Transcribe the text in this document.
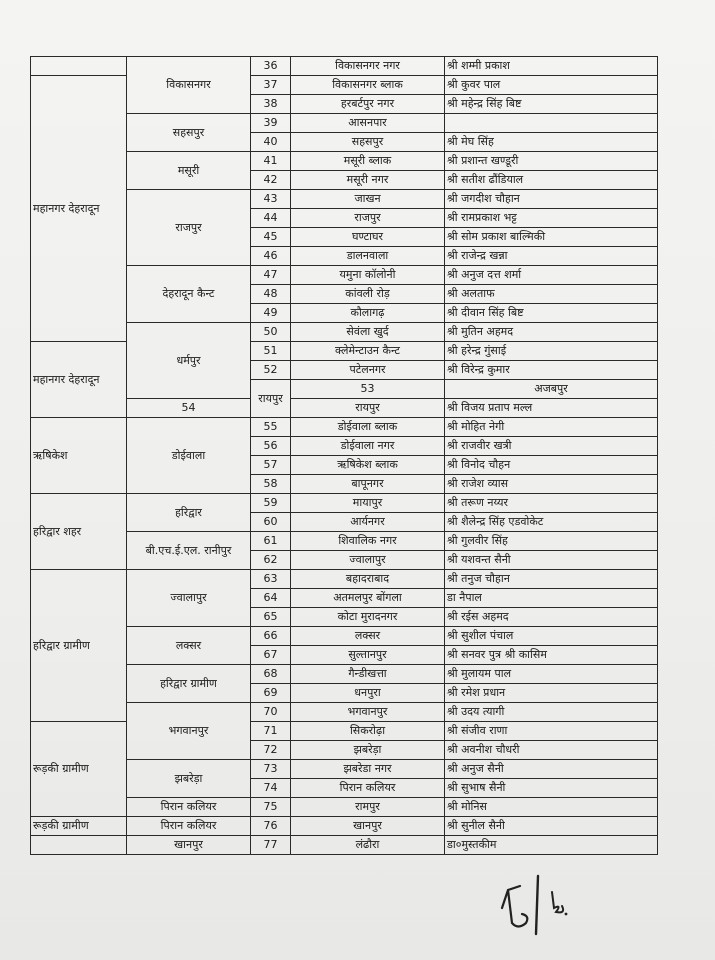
	विकासनगर	36	विकासनगर नगर	श्री शम्मी प्रकाश	
महानगर देहरादून		37	विकासनगर ब्लाक	श्री कुवर पाल	
		38	हरबर्टपुर नगर	श्री महेन्द्र सिंह बिष्ट	
	सहसपुर	39	आसनपार		
		40	सहसपुर	श्री मेघ सिंह	
	मसूरी	41	मसूरी ब्लाक	श्री प्रशान्त खण्डूरी	
		42	मसूरी नगर	श्री सतीश ढौंडियाल	
	राजपुर	43	जाखन	श्री जगदीश चौहान	
		44	राजपुर	श्री रामप्रकाश भट्ट	
		45	घण्टाघर	श्री सोम प्रकाश बाल्मिकी	
		46	डालनवाला	श्री राजेन्द्र खन्ना	
	देहरादून कैन्ट	47	यमुना कॉलोनी	श्री अनुज दत्त शर्मा	
		48	कांवली रोड़	श्री अलताफ	
		49	कौलागढ़	श्री दीवान सिंह बिष्ट	
	धर्मपुर	50	सेवंला खुर्द	श्री मुतिन अहमद	
महानगर देहरादून		51	क्लेमेन्टाउन कैन्ट	श्री हरेन्द्र गुंसाई	
		52	पटेलनगर	श्री विरेन्द्र कुमार	
		रायपुर	53	अजबपुर	
	54		रायपुर	श्री विजय प्रताप मल्ल	
ऋषिकेश	डोईवाला	55	डोईवाला ब्लाक	श्री मोहित नेगी	
		56	डोईवाला नगर	श्री राजवीर खत्री	
		57	ऋषिकेश ब्लाक	श्री विनोद चौहन	
		58	बापूनगर	श्री राजेश व्यास	
हरिद्वार शहर	हरिद्वार	59	मायापुर	श्री तरूण नय्यर	
		60	आर्यनगर	श्री शैलेन्द्र सिंह एडवोकेट	
	बी.एच.ई.एल. रानीपुर	61	शिवालिक नगर	श्री गुलवीर सिंह	
		62	ज्वालापुर	श्री यशवन्त सैनी	
हरिद्वार ग्रामीण	ज्वालापुर	63	बहादराबाद	श्री तनुज चौहान	
		64	अतमलपुर बोंगला	डा नैपाल	
		65	कोटा मुरादनगर	श्री रईस अहमद	
	लक्सर	66	लक्सर	श्री सुशील पंचाल	
		67	सुल्तानपुर	श्री सनवर पुत्र श्री कासिम	
	हरिद्वार ग्रामीण	68	गैन्डीखत्ता	श्री मुलायम पाल	
		69	धनपुरा	श्री रमेश प्रधान	
	भगवानपुर	70	भगवानपुर	श्री उदय त्यागी	
रूड़की ग्रामीण		71	सिकरोढ़ा	श्री संजीव राणा	
		72	झबरेड़ा	श्री अवनीश चौधरी	
	झबरेड़ा	73	झबरेडा नगर	श्री अनुज सैनी	
		74	पिरान कलियर	श्री सुभाष सैनी	
	पिरान कलियर	75	रामपुर	श्री मोनिस	
रूड़की ग्रामीण	पिरान कलियर	76	खानपुर	श्री सुनील सैनी	
	खानपुर	77	लंढौरा	डा०मुस्तकीम	
